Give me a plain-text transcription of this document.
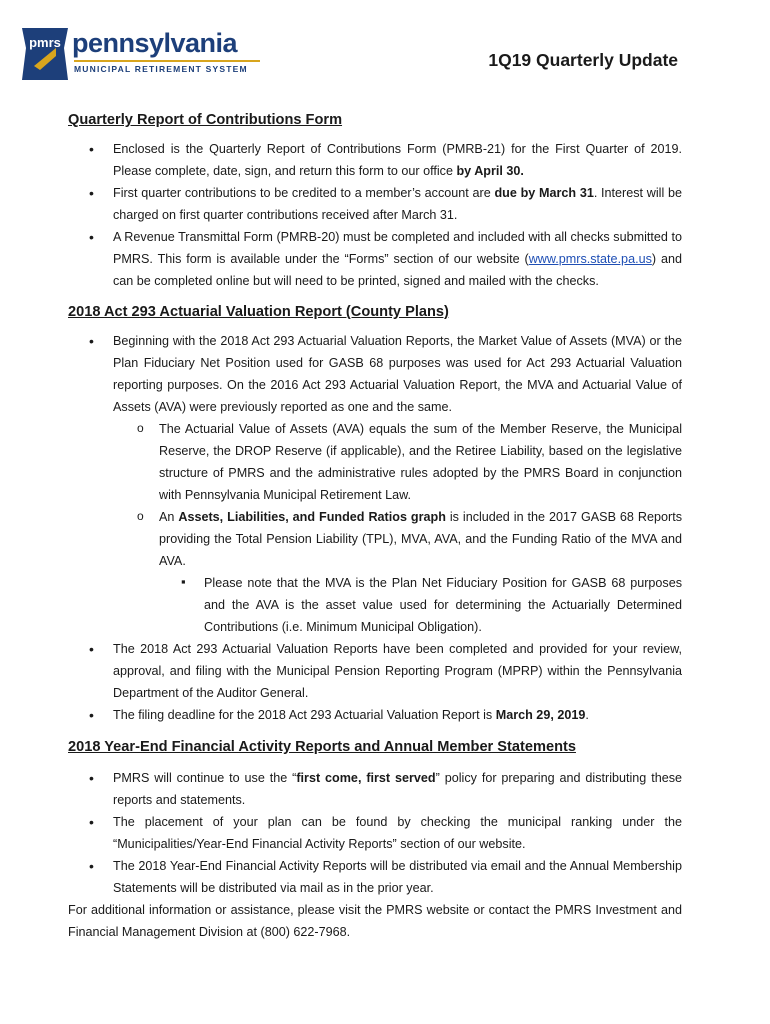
pmrs pennsylvania
MUNICIPAL RETIREMENT SYSTEM	1Q19 Quarterly Update
Quarterly Report of Contributions Form
• Enclosed is the Quarterly Report of Contributions Form (PMRB-21) for the First Quarter of 2019. Please complete, date, sign, and return this form to our office by April 30.
• First quarter contributions to be credited to a member’s account are due by March 31. Interest will be charged on first quarter contributions received after March 31.
• A Revenue Transmittal Form (PMRB-20) must be completed and included with all checks submitted to PMRS. This form is available under the “Forms” section of our website (www.pmrs.state.pa.us) and can be completed online but will need to be printed, signed and mailed with the checks.
2018 Act 293 Actuarial Valuation Report (County Plans)
• Beginning with the 2018 Act 293 Actuarial Valuation Reports, the Market Value of Assets (MVA) or the Plan Fiduciary Net Position used for GASB 68 purposes was used for Act 293 Actuarial Valuation reporting purposes. On the 2016 Act 293 Actuarial Valuation Report, the MVA and Actuarial Value of Assets (AVA) were previously reported as one and the same.
o The Actuarial Value of Assets (AVA) equals the sum of the Member Reserve, the Municipal Reserve, the DROP Reserve (if applicable), and the Retiree Liability, based on the legislative structure of PMRS and the administrative rules adopted by the PMRS Board in conjunction with Pennsylvania Municipal Retirement Law.
o An Assets, Liabilities, and Funded Ratios graph is included in the 2017 GASB 68 Reports providing the Total Pension Liability (TPL), MVA, AVA, and the Funding Ratio of the MVA and AVA.
▪ Please note that the MVA is the Plan Net Fiduciary Position for GASB 68 purposes and the AVA is the asset value used for determining the Actuarially Determined Contributions (i.e. Minimum Municipal Obligation).
• The 2018 Act 293 Actuarial Valuation Reports have been completed and provided for your review, approval, and filing with the Municipal Pension Reporting Program (MPRP) within the Pennsylvania Department of the Auditor General.
• The filing deadline for the 2018 Act 293 Actuarial Valuation Report is March 29, 2019.
2018 Year-End Financial Activity Reports and Annual Member Statements
• PMRS will continue to use the “first come, first served” policy for preparing and distributing these reports and statements.
• The placement of your plan can be found by checking the municipal ranking under the “Municipalities/Year-End Financial Activity Reports” section of our website.
• The 2018 Year-End Financial Activity Reports will be distributed via email and the Annual Membership Statements will be distributed via mail as in the prior year.

For additional information or assistance, please visit the PMRS website or contact the PMRS Investment and Financial Management Division at (800) 622-7968.
